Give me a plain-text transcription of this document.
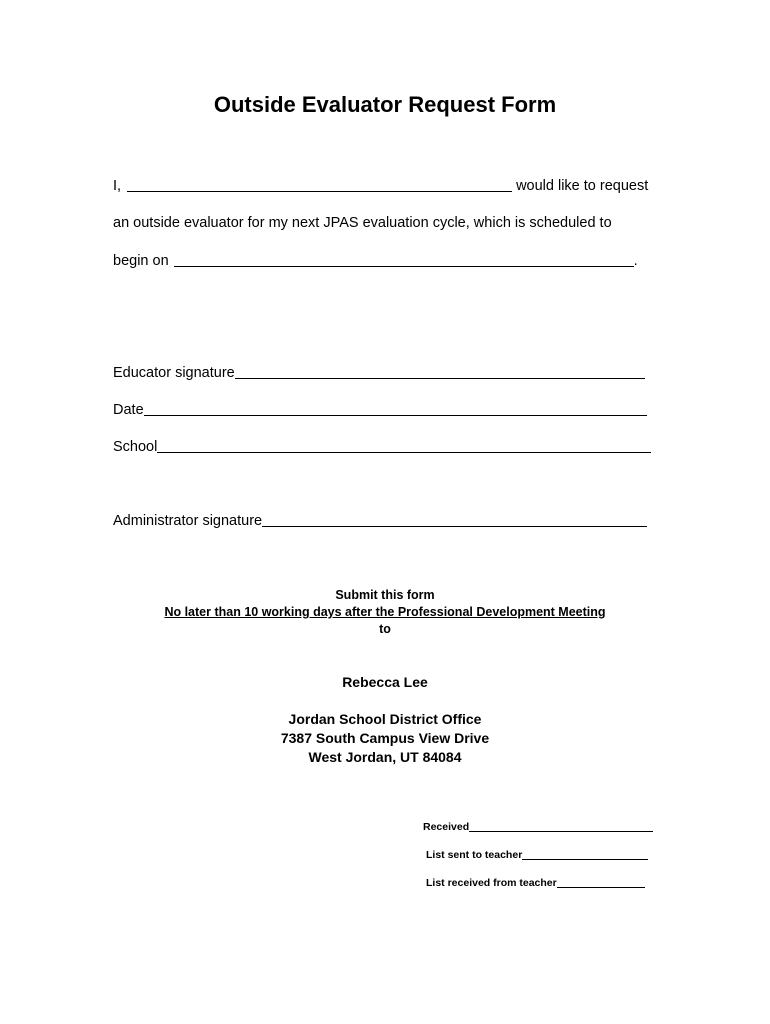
Outside Evaluator Request Form
I,	would like to request
an outside evaluator for my next JPAS evaluation cycle, which is scheduled to
begin on	.
Educator signature
Date
School
Administrator signature
Submit this form
No later than 10 working days after the Professional Development Meeting
to
Rebecca Lee
Jordan School District Office
7387 South Campus View Drive
West Jordan, UT 84084
Received
List sent to teacher
List received from teacher
